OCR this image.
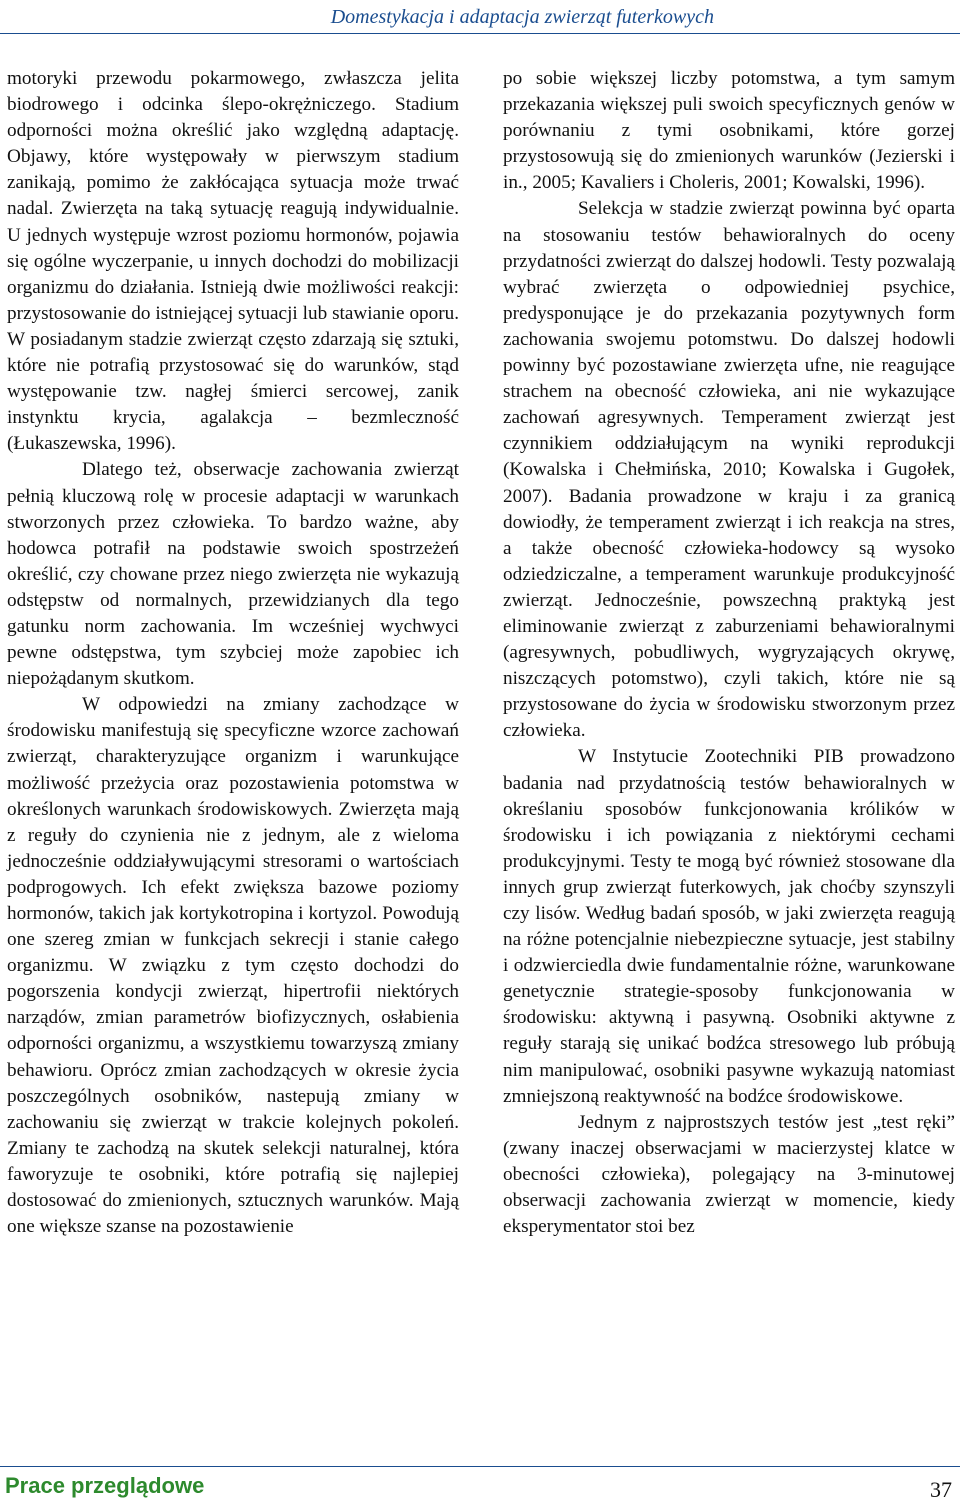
Domestykacja i adaptacja zwierząt futerkowych

motoryki przewodu pokarmowego, zwłaszcza jelita biodrowego i odcinka ślepo-okrężniczego. Stadium odporności można określić jako względną adaptację. Objawy, które występowały w pierwszym stadium zanikają, pomimo że zakłócająca sytuacja może trwać nadal. Zwierzęta na taką sytuację reagują indywidualnie. U jednych występuje wzrost poziomu hormonów, pojawia się ogólne wyczerpanie, u innych dochodzi do mobilizacji organizmu do działania. Istnieją dwie możliwości reakcji: przystosowanie do istniejącej sytuacji lub stawianie oporu. W posiadanym stadzie zwierząt często zdarzają się sztuki, które nie potrafią przystosować się do warunków, stąd występowanie tzw. nagłej śmierci sercowej, zanik instynktu krycia, agalakcja – bezmleczność (Łukaszewska, 1996).

Dlatego też, obserwacje zachowania zwierząt pełnią kluczową rolę w procesie adaptacji w warunkach stworzonych przez człowieka. To bardzo ważne, aby hodowca potrafił na podstawie swoich spostrzeżeń określić, czy chowane przez niego zwierzęta nie wykazują odstępstw od normalnych, przewidzianych dla tego gatunku norm zachowania. Im wcześniej wychwyci pewne odstępstwa, tym szybciej może zapobiec ich niepożądanym skutkom.

W odpowiedzi na zmiany zachodzące w środowisku manifestują się specyficzne wzorce zachowań zwierząt, charakteryzujące organizm i warunkujące możliwość przeżycia oraz pozostawienia potomstwa w określonych warunkach środowiskowych. Zwierzęta mają z reguły do czynienia nie z jednym, ale z wieloma jednocześnie oddziaływującymi stresorami o wartościach podprogowych. Ich efekt zwiększa bazowe poziomy hormonów, takich jak kortykotropina i kortyzol. Powodują one szereg zmian w funkcjach sekrecji i stanie całego organizmu. W związku z tym często dochodzi do pogorszenia kondycji zwierząt, hipertrofii niektórych narządów, zmian parametrów biofizycznych, osłabienia odporności organizmu, a wszystkiemu towarzyszą zmiany behawioru. Oprócz zmian zachodzących w okresie życia poszczególnych osobników, nastepują zmiany w zachowaniu się zwierząt w trakcie kolejnych pokoleń. Zmiany te zachodzą na skutek selekcji naturalnej, która faworyzuje te osobniki, które potrafią się najlepiej dostosować do zmienionych, sztucznych warunków. Mają one większe szanse na pozostawienie

po sobie większej liczby potomstwa, a tym samym przekazania większej puli swoich specyficznych genów w porównaniu z tymi osobnikami, które gorzej przystosowują się do zmienionych warunków (Jezierski i in., 2005; Kavaliers i Choleris, 2001; Kowalski, 1996).

Selekcja w stadzie zwierząt powinna być oparta na stosowaniu testów behawioralnych do oceny przydatności zwierząt do dalszej hodowli. Testy pozwalają wybrać zwierzęta o odpowiedniej psychice, predysponujące je do przekazania pozytywnych form zachowania swojemu potomstwu. Do dalszej hodowli powinny być pozostawiane zwierzęta ufne, nie reagujące strachem na obecność człowieka, ani nie wykazujące zachowań agresywnych. Temperament zwierząt jest czynnikiem oddziałującym na wyniki reprodukcji (Kowalska i Chełmińska, 2010; Kowalska i Gugołek, 2007). Badania prowadzone w kraju i za granicą dowiodły, że temperament zwierząt i ich reakcja na stres, a także obecność człowieka-hodowcy są wysoko odziedziczalne, a temperament warunkuje produkcyjność zwierząt. Jednocześnie, powszechną praktyką jest eliminowanie zwierząt z zaburzeniami behawioralnymi (agresywnych, pobudliwych, wygryzających okrywę, niszczących potomstwo), czyli takich, które nie są przystosowane do życia w środowisku stworzonym przez człowieka.

W Instytucie Zootechniki PIB prowadzono badania nad przydatnością testów behawioralnych w określaniu sposobów funkcjonowania królików w środowisku i ich powiązania z niektórymi cechami produkcyjnymi. Testy te mogą być również stosowane dla innych grup zwierząt futerkowych, jak choćby szynszyli czy lisów. Według badań sposób, w jaki zwierzęta reagują na różne potencjalnie niebezpieczne sytuacje, jest stabilny i odzwierciedla dwie fundamentalnie różne, warunkowane genetycznie strategie-sposoby funkcjonowania w środowisku: aktywną i pasywną. Osobniki aktywne z reguły starają się unikać bodźca stresowego lub próbują nim manipulować, osobniki pasywne wykazują natomiast zmniejszoną reaktywność na bodźce środowiskowe.

Jednym z najprostszych testów jest „test ręki” (zwany inaczej obserwacjami w macierzystej klatce w obecności człowieka), polegający na 3-minutowej obserwacji zachowania zwierząt w momencie, kiedy eksperymentator stoi bez

Prace przeglądowe	37
